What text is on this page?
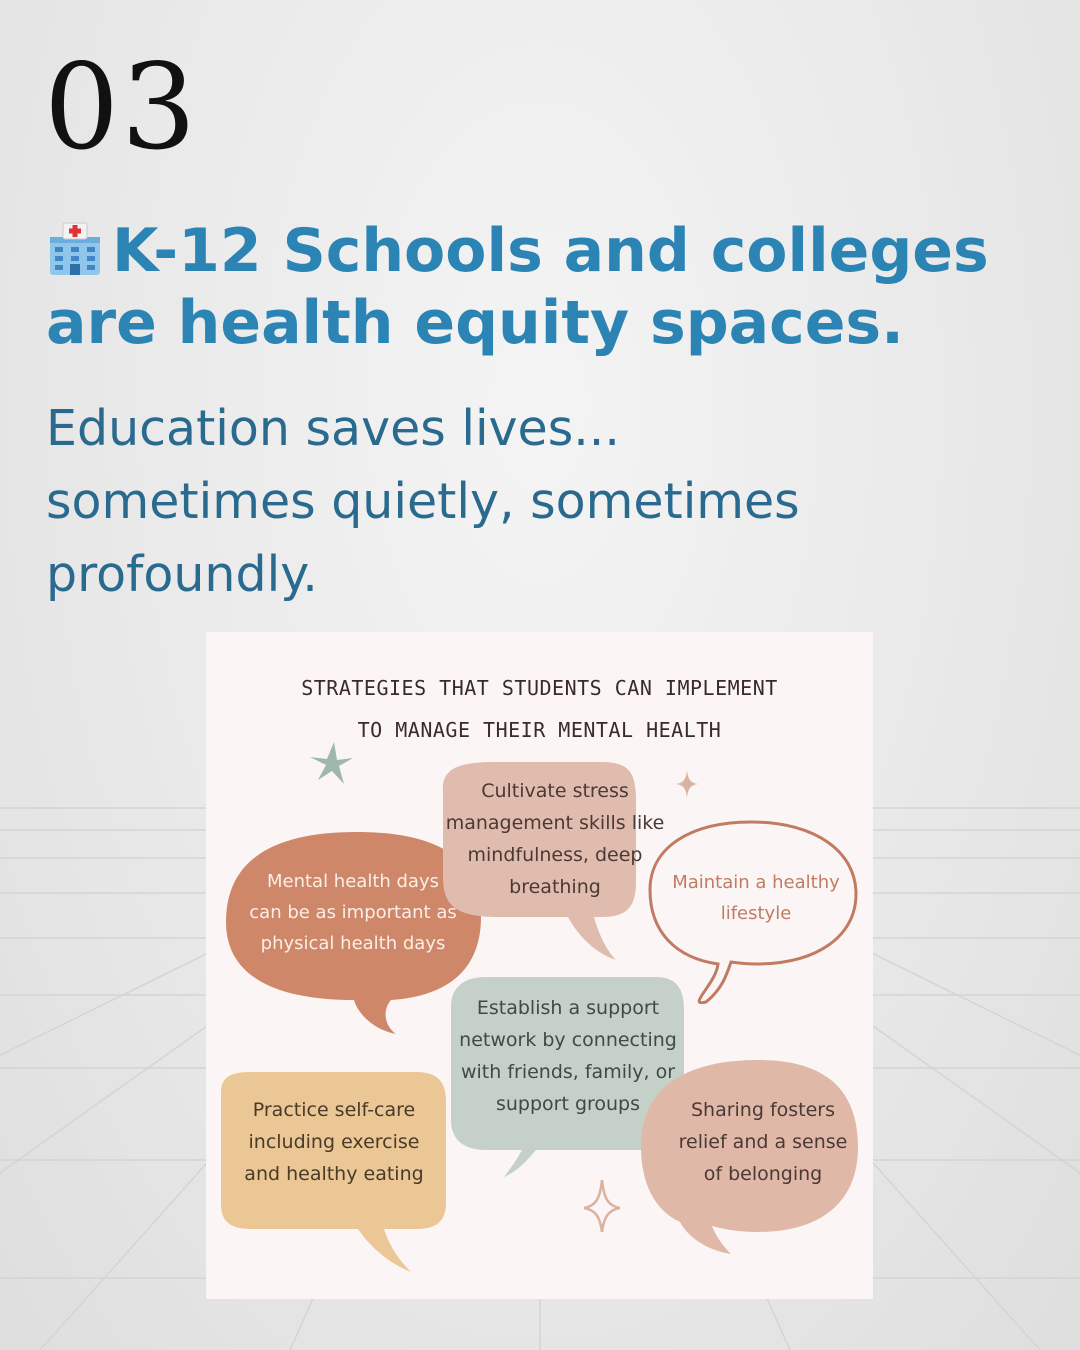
03
K-12 Schools and colleges
are health equity spaces.
Education saves lives...
sometimes quietly, sometimes
profoundly.
STRATEGIES THAT STUDENTS CAN IMPLEMENT
TO MANAGE THEIR MENTAL HEALTH
Mental health days
can be as important as
physical health days
Cultivate stress
management skills like
mindfulness, deep
breathing	Maintain a healthy
lifestyle
Establish a support
network by connecting
with friends, family, or
support groups
Practice self-care
including exercise
and healthy eating
Sharing fosters
relief and a sense
of belonging
